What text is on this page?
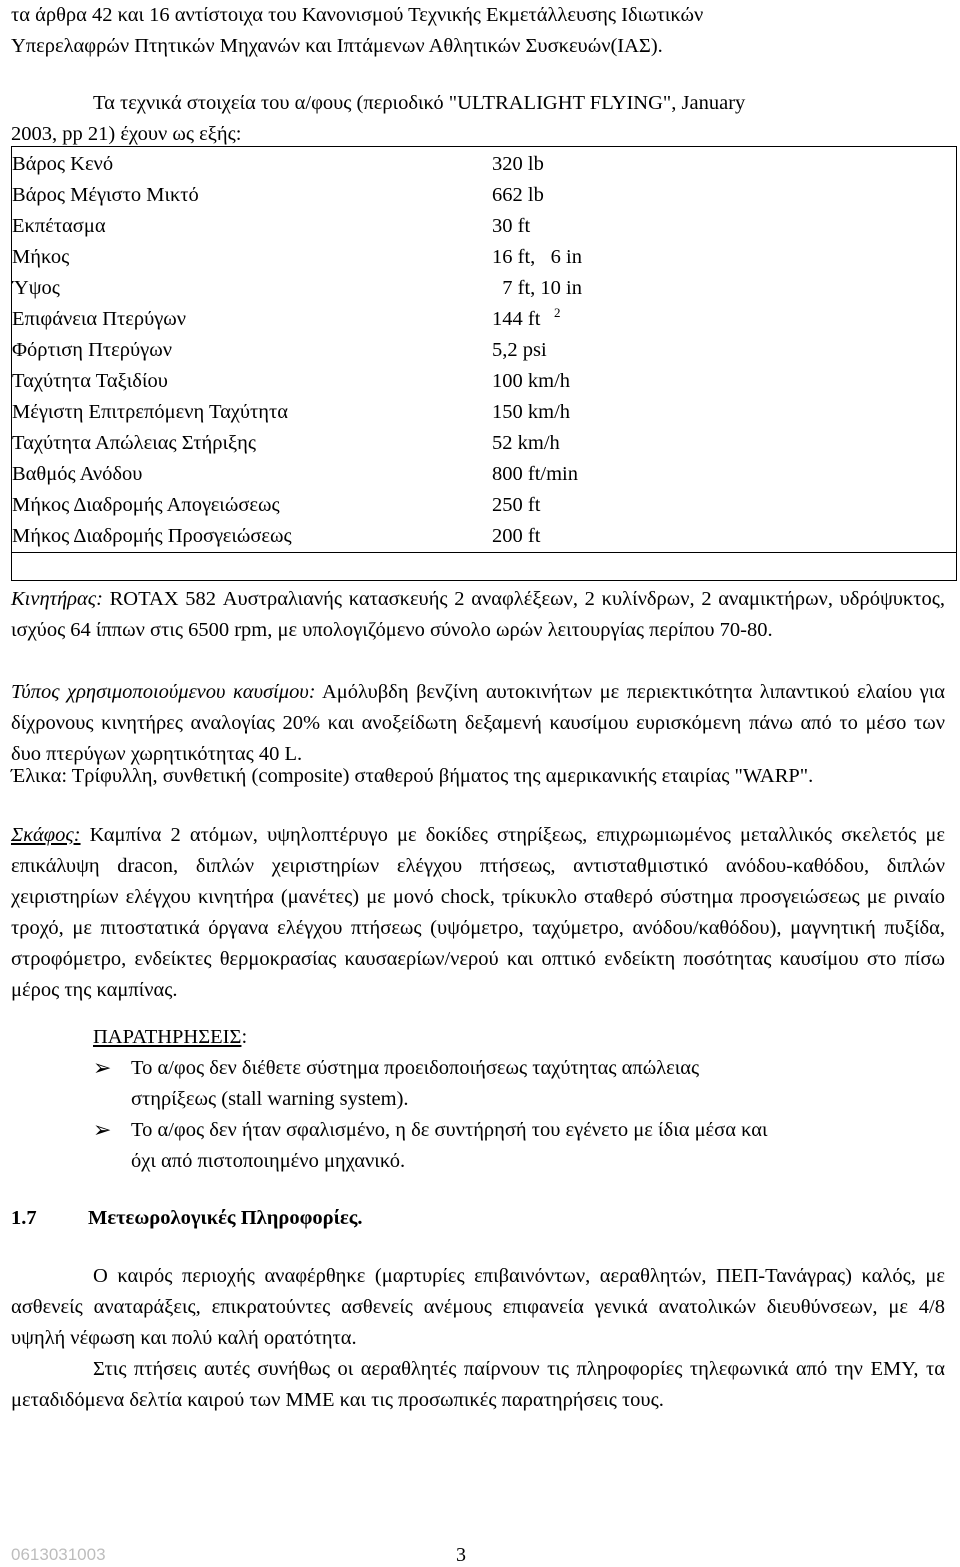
τα άρθρα 42 και 16 αντίστοιχα του Κανονισμού Τεχνικής Εκμετάλλευσης Ιδιωτικών
Υπερελαφρών Πτητικών Μηχανών και Ιπτάμενων Αθλητικών Συσκευών(ΙΑΣ).
Τα τεχνικά στοιχεία του α/φους (περιοδικό "ULTRALIGHT FLYING", January
2003, pp 21) έχουν ως εξής:
Βάρος Κενό	320 lb
Βάρος Μέγιστο Μικτό	662 lb
Εκπέτασμα	30 ft
Μήκος	16 ft,   6 in
Ύψος	7 ft, 10 in
Επιφάνεια Πτερύγων	144 ft $^2$
Φόρτιση Πτερύγων	5,2 psi
Ταχύτητα Ταξιδίου	100 km/h
Μέγιστη Επιτρεπόμενη Ταχύτητα	150 km/h
Ταχύτητα Απώλειας Στήριξης	52 km/h
Βαθμός Ανόδου	800 ft/min
Μήκος Διαδρομής Απογειώσεως	250 ft
Μήκος Διαδρομής Προσγειώσεως	200 ft
Κινητήρας: ROTAX 582 Αυστραλιανής κατασκευής 2 αναφλέξεων, 2 κυλίνδρων, 2 αναμικτήρων, υδρόψυκτος, ισχύος 64 ίππων στις 6500 rpm, με υπολογιζόμενο σύνολο ωρών λειτουργίας περίπου 70-80.
Τύπος χρησιμοποιούμενου καυσίμου: Αμόλυβδη βενζίνη αυτοκινήτων με περιεκτικότητα λιπαντικού ελαίου για δίχρονους κινητήρες αναλογίας 20% και ανοξείδωτη δεξαμενή καυσίμου ευρισκόμενη πάνω από το μέσο των δυο πτερύγων χωρητικότητας 40 L.
Έλικα: Τρίφυλλη, συνθετική (composite) σταθερού βήματος της αμερικανικής εταιρίας "WARP".
Σκάφος: Καμπίνα 2 ατόμων, υψηλοπτέρυγο με δοκίδες στηρίξεως, επιχρωμιωμένος μεταλλικός σκελετός με επικάλυψη dracon, διπλών χειριστηρίων ελέγχου πτήσεως, αντισταθμιστικό ανόδου-καθόδου, διπλών χειριστηρίων ελέγχου κινητήρα (μανέτες) με μονό chock, τρίκυκλο σταθερό σύστημα προσγειώσεως με ριναίο τροχό, με πιτοστατικά όργανα ελέγχου πτήσεως (υψόμετρο, ταχύμετρο, ανόδου/καθόδου), μαγνητική πυξίδα, στροφόμετρο, ενδείκτες θερμοκρασίας καυσαερίων/νερού και οπτικό ενδείκτη ποσότητας καυσίμου στο πίσω μέρος της καμπίνας.
ΠΑΡΑΤΗΡΗΣΕΙΣ:
➢ Το α/φος δεν διέθετε σύστημα προειδοποιήσεως ταχύτητας απώλειας
στηρίξεως (stall warning system).
➢ Το α/φος δεν ήταν σφαλισμένο, η δε συντήρησή του εγένετο με ίδια μέσα και
όχι από πιστοποιημένο μηχανικό.
1.7	Μετεωρολογικές Πληροφορίες.
Ο καιρός περιοχής αναφέρθηκε (μαρτυρίες επιβαινόντων, αεραθλητών, ΠΕΠ-Τανάγρας) καλός, με ασθενείς αναταράξεις, επικρατούντες ασθενείς ανέμους επιφανεία γενικά ανατολικών διευθύνσεων, με 4/8 υψηλή νέφωση και πολύ καλή ορατότητα.
Στις πτήσεις αυτές συνήθως οι αεραθλητές παίρνουν τις πληροφορίες τηλεφωνικά από την ΕΜΥ, τα μεταδιδόμενα δελτία καιρού των ΜΜΕ και τις προσωπικές παρατηρήσεις τους.
0613031003	3
